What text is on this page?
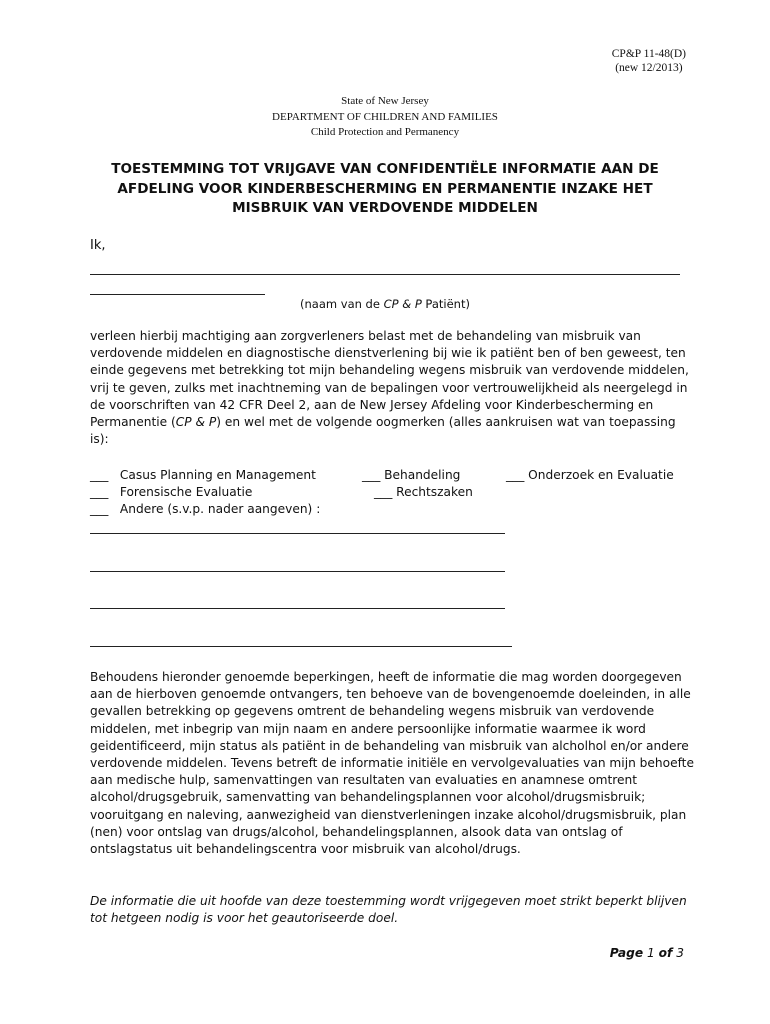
CP&P 11-48(D)
(new 12/2013)
State of New Jersey
DEPARTMENT OF CHILDREN AND FAMILIES
Child Protection and Permanency
TOESTEMMING TOT VRIJGAVE VAN CONFIDENTIËLE INFORMATIE AAN DE
AFDELING VOOR KINDERBESCHERMING EN PERMANENTIE INZAKE HET
MISBRUIK VAN VERDOVENDE MIDDELEN
Ik,
(naam van de CP & P Patiënt)
verleen hierbij machtiging aan zorgverleners belast met de behandeling van misbruik van verdovende middelen en diagnostische dienstverlening bij wie ik patiënt ben of ben geweest, ten einde gegevens met betrekking tot mijn behandeling wegens misbruik van verdovende middelen, vrij te geven, zulks met inachtneming van de bepalingen voor vertrouwelijkheid als neergelegd in de voorschriften van 42 CFR Deel 2, aan de New Jersey Afdeling voor Kinderbescherming en Permanentie (CP & P) en wel met de volgende oogmerken (alles aankruisen wat van toepassing is):
___   Casus Planning en Management
___   Forensische Evaluatie
___   Andere (s.v.p. nader aangeven) :
___ Behandeling
___ Rechtszaken
___ Onderzoek en Evaluatie
Behoudens hieronder genoemde beperkingen, heeft de informatie die mag worden doorgegeven aan de hierboven genoemde ontvangers, ten behoeve van de bovengenoemde doeleinden, in alle gevallen betrekking op gegevens omtrent de behandeling wegens misbruik van verdovende middelen, met inbegrip van mijn naam en andere persoonlijke informatie waarmee ik word geidentificeerd, mijn status als patiënt in de behandeling van misbruik van alcholhol en/or andere verdovende middelen. Tevens betreft de informatie initiële en vervolgevaluaties van mijn behoefte aan medische hulp, samenvattingen van resultaten van evaluaties en anamnese omtrent alcohol/drugsgebruik, samenvatting van behandelingsplannen voor alcohol/drugsmisbruik; vooruitgang en naleving, aanwezigheid van dienstverleningen inzake alcohol/drugsmisbruik, plan (nen) voor ontslag van drugs/alcohol, behandelingsplannen, alsook data van ontslag of ontslagstatus uit behandelingscentra voor misbruik van alcohol/drugs.
De informatie die uit hoofde van deze toestemming wordt vrijgegeven moet strikt beperkt blijven tot hetgeen nodig is voor het geautoriseerde doel.
Page 1 of 3
